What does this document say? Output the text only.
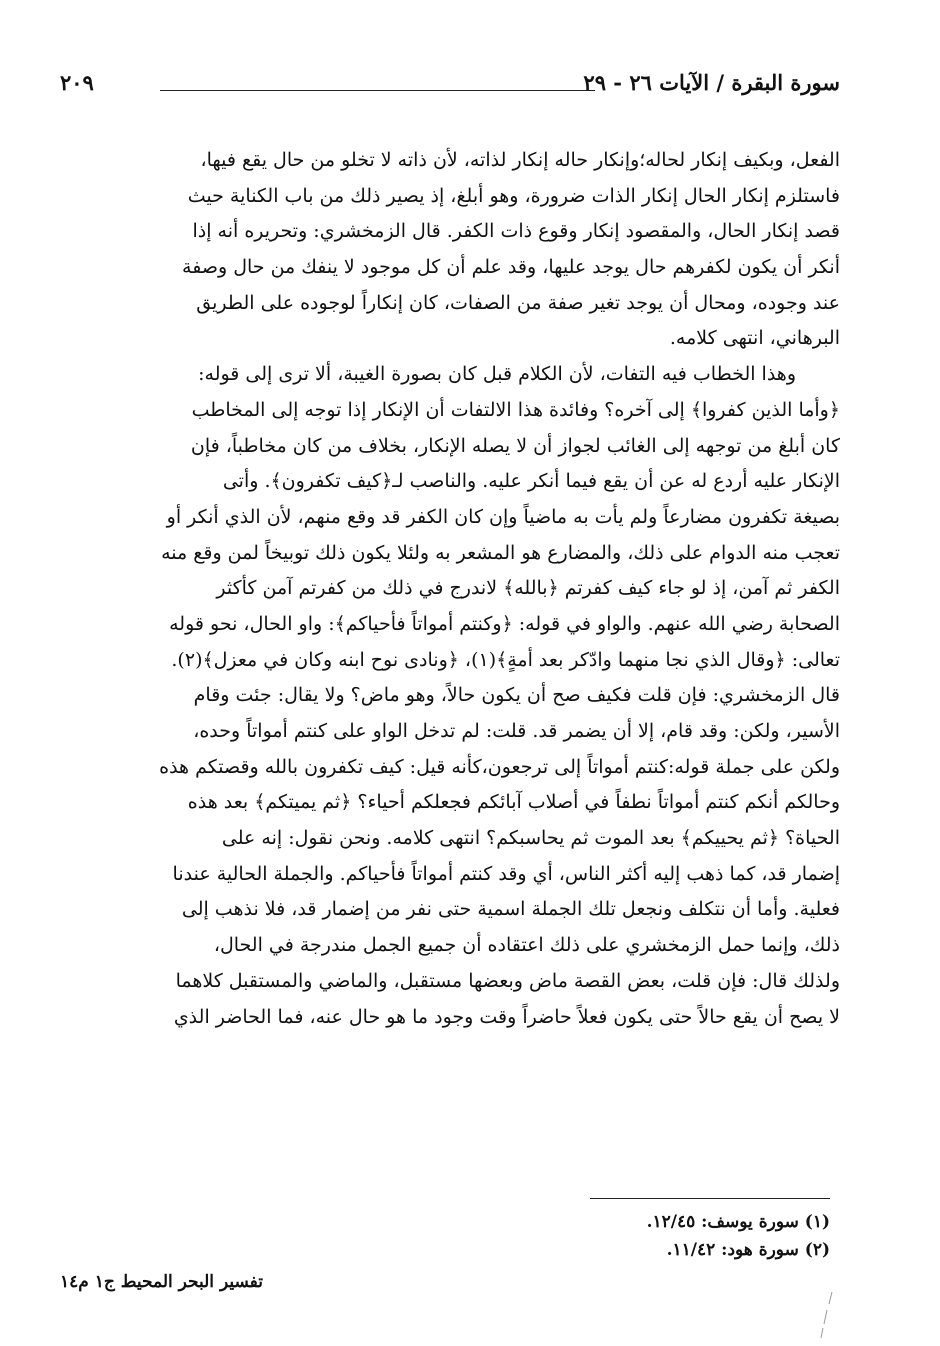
سورة البقرة / الآيات ٢٦ - ٢٩
٢٠٩
الفعل، وبكيف إنكار لحاله؛وإنكار حاله إنكار لذاته، لأن ذاته لا تخلو من حال يقع فيها،
فاستلزم إنكار الحال إنكار الذات ضرورة، وهو أبلغ، إذ يصير ذلك من باب الكناية حيث
قصد إنكار الحال، والمقصود إنكار وقوع ذات الكفر. قال الزمخشري: وتحريره أنه إذا
أنكر أن يكون لكفرهم حال يوجد عليها، وقد علم أن كل موجود لا ينفك من حال وصفة
عند وجوده، ومحال أن يوجد تغير صفة من الصفات، كان إنكاراً لوجوده على الطريق
البرهاني، انتهى كلامه.
وهذا الخطاب فيه التفات، لأن الكلام قبل كان بصورة الغيبة، ألا ترى إلى قوله:
﴿وأما الذين كفروا﴾ إلى آخره؟ وفائدة هذا الالتفات أن الإنكار إذا توجه إلى المخاطب
كان أبلغ من توجهه إلى الغائب لجواز أن لا يصله الإنكار، بخلاف من كان مخاطباً، فإن
الإنكار عليه أردع له عن أن يقع فيما أنكر عليه. والناصب لـ﴿كيف تكفرون﴾. وأتى
بصيغة تكفرون مضارعاً ولم يأت به ماضياً وإن كان الكفر قد وقع منهم، لأن الذي أنكر أو
تعجب منه الدوام على ذلك، والمضارع هو المشعر به ولئلا يكون ذلك توبيخاً لمن وقع منه
الكفر ثم آمن، إذ لو جاء كيف كفرتم ﴿بالله﴾ لاندرج في ذلك من كفرتم آمن كأكثر
الصحابة رضي الله عنهم. والواو في قوله: ﴿وكنتم أمواتاً فأحياكم﴾: واو الحال، نحو قوله
تعالى: ﴿وقال الذي نجا منهما وادّكر بعد أمةٍ﴾(١)، ﴿ونادى نوح ابنه وكان في معزل﴾(٢).
قال الزمخشري: فإن قلت فكيف صح أن يكون حالاً، وهو ماض؟ ولا يقال: جئت وقام
الأسير، ولكن: وقد قام، إلا أن يضمر قد. قلت: لم تدخل الواو على كنتم أمواتاً وحده،
ولكن على جملة قوله:كنتم أمواتاً إلى ترجعون،كأنه قيل: كيف تكفرون بالله وقصتكم هذه
وحالكم أنكم كنتم أمواتاً نطفاً في أصلاب آبائكم فجعلكم أحياء؟ ﴿ثم يميتكم﴾ بعد هذه
الحياة؟ ﴿ثم يحييكم﴾ بعد الموت ثم يحاسبكم؟ انتهى كلامه. ونحن نقول: إنه على
إضمار قد، كما ذهب إليه أكثر الناس، أي وقد كنتم أمواتاً فأحياكم. والجملة الحالية عندنا
فعلية. وأما أن نتكلف ونجعل تلك الجملة اسمية حتى نفر من إضمار قد، فلا نذهب إلى
ذلك، وإنما حمل الزمخشري على ذلك اعتقاده أن جميع الجمل مندرجة في الحال،
ولذلك قال: فإن قلت، بعض القصة ماض وبعضها مستقبل، والماضي والمستقبل كلاهما
لا يصح أن يقع حالاً حتى يكون فعلاً حاضراً وقت وجود ما هو حال عنه، فما الحاضر الذي
(١) سورة يوسف: ١٢/٤٥.
(٢) سورة هود: ١١/٤٢.
تفسير البحر المحيط ج١ م١٤
